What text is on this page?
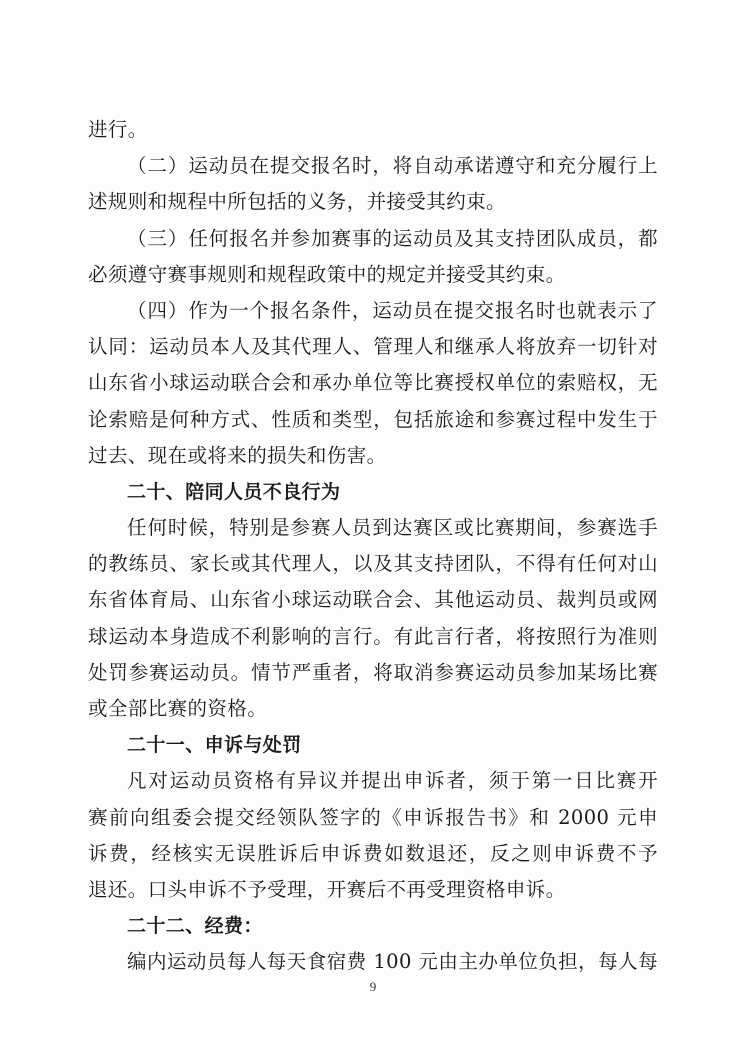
进行。
（二）运动员在提交报名时，将自动承诺遵守和充分履行上
述规则和规程中所包括的义务，并接受其约束。
（三）任何报名并参加赛事的运动员及其支持团队成员，都
必须遵守赛事规则和规程政策中的规定并接受其约束。
（四）作为一个报名条件，运动员在提交报名时也就表示了
认同：运动员本人及其代理人、管理人和继承人将放弃一切针对
山东省小球运动联合会和承办单位等比赛授权单位的索赔权，无
论索赔是何种方式、性质和类型，包括旅途和参赛过程中发生于
过去、现在或将来的损失和伤害。
二十、陪同人员不良行为
任何时候，特别是参赛人员到达赛区或比赛期间，参赛选手
的教练员、家长或其代理人，以及其支持团队，不得有任何对山
东省体育局、山东省小球运动联合会、其他运动员、裁判员或网
球运动本身造成不利影响的言行。有此言行者，将按照行为准则
处罚参赛运动员。情节严重者，将取消参赛运动员参加某场比赛
或全部比赛的资格。
二十一、申诉与处罚
凡对运动员资格有异议并提出申诉者，须于第一日比赛开
赛前向组委会提交经领队签字的《申诉报告书》和 2000 元申
诉费，经核实无误胜诉后申诉费如数退还，反之则申诉费不予
退还。口头申诉不予受理，开赛后不再受理资格申诉。
二十二、经费：
编内运动员每人每天食宿费 100 元由主办单位负担，每人每
9
